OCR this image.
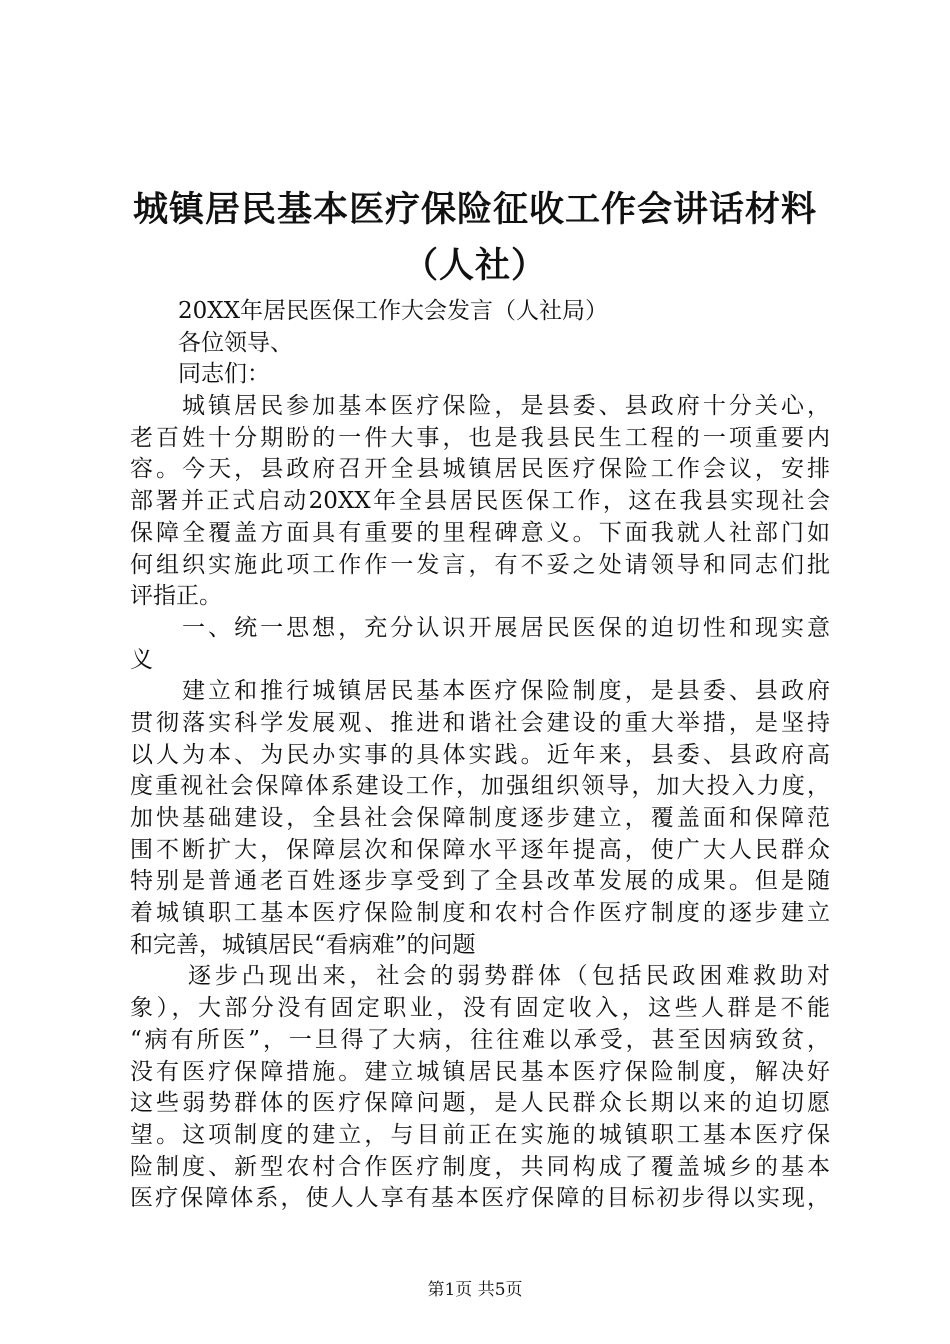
城镇居民基本医疗保险征收工作会讲话材料
（人社）
20XX年居民医保工作大会发言（人社局）
各位领导、
同志们：
城镇居民参加基本医疗保险，是县委、县政府十分关心，
老百姓十分期盼的一件大事，也是我县民生工程的一项重要内
容。今天，县政府召开全县城镇居民医疗保险工作会议，安排
部署并正式启动20XX年全县居民医保工作，这在我县实现社会
保障全覆盖方面具有重要的里程碑意义。下面我就人社部门如
何组织实施此项工作作一发言，有不妥之处请领导和同志们批
评指正。
一、统一思想，充分认识开展居民医保的迫切性和现实意
义
建立和推行城镇居民基本医疗保险制度，是县委、县政府
贯彻落实科学发展观、推进和谐社会建设的重大举措，是坚持
以人为本、为民办实事的具体实践。近年来，县委、县政府高
度重视社会保障体系建设工作，加强组织领导，加大投入力度，
加快基础建设，全县社会保障制度逐步建立，覆盖面和保障范
围不断扩大，保障层次和保障水平逐年提高，使广大人民群众
特别是普通老百姓逐步享受到了全县改革发展的成果。但是随
着城镇职工基本医疗保险制度和农村合作医疗制度的逐步建立
和完善，城镇居民“看病难”的问题
逐步凸现出来，社会的弱势群体（包括民政困难救助对
象），大部分没有固定职业，没有固定收入，这些人群是不能
“病有所医”，一旦得了大病，往往难以承受，甚至因病致贫，
没有医疗保障措施。建立城镇居民基本医疗保险制度，解决好
这些弱势群体的医疗保障问题，是人民群众长期以来的迫切愿
望。这项制度的建立，与目前正在实施的城镇职工基本医疗保
险制度、新型农村合作医疗制度，共同构成了覆盖城乡的基本
医疗保障体系，使人人享有基本医疗保障的目标初步得以实现，
第1页 共5页
